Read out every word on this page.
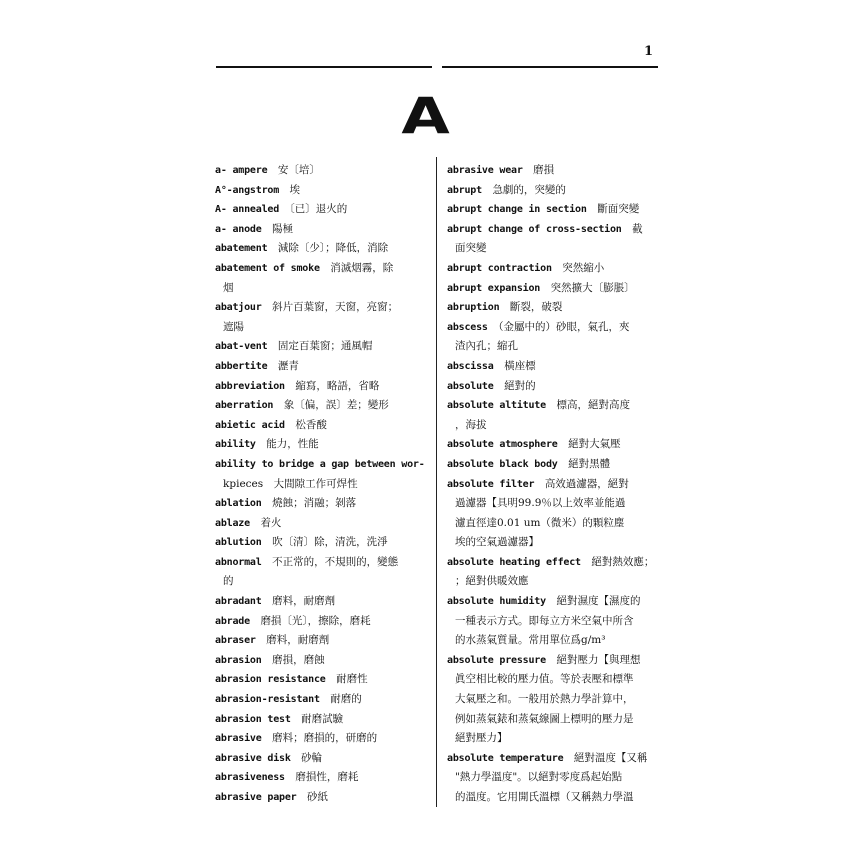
1
A
a- ampere　 安〔培〕
A°-angstrom　 埃
A- annealed　 〔已〕退火的
a- anode　 陽極
abatement　 減除〔少〕；降低，消除
abatement of smoke　 消滅烟霧，除
烟
abatjour　 斜片百葉窗，天窗，亮窗；
遮陽
abat-vent　 固定百葉窗；通風帽
abbertite　 瀝青
abbreviation　 縮寫，略語，省略
aberration　 象〔偏，誤〕差；變形
abietic acid　 松香酸
ability　 能力，性能
ability to bridge a gap between wor-
kpieces　大間隙工作可焊性
ablation　 燒蝕；消融；剝落
ablaze　 着火
ablution　 吹〔清〕除，清洗，洗淨
abnormal　 不正常的，不規則的，變態
的
abradant　 磨料，耐磨劑
abrade　 磨損〔光〕，擦除，磨耗
abraser　 磨料，耐磨劑
abrasion　 磨損，磨蝕
abrasion resistance　 耐磨性
abrasion-resistant　 耐磨的
abrasion test　 耐磨試驗
abrasive　 磨料；磨損的，研磨的
abrasive disk　 砂輪
abrasiveness　 磨損性，磨耗
abrasive paper　 砂紙
abrasive wear　 磨損
abrupt　 急劇的，突變的
abrupt change in section　 斷面突變
abrupt change of cross-section　 截
面突變
abrupt contraction　 突然縮小
abrupt expansion　 突然擴大〔膨脹〕
abruption　 斷裂，破裂
abscess　 （金屬中的）砂眼，氣孔，夾
渣內孔；縮孔
abscissa　 橫座標
absolute　 絕對的
absolute altitute　 標高，絕對高度
，海拔
absolute atmosphere　 絕對大氣壓
absolute black body　 絕對黑體
absolute filter　 高效過濾器，絕對
過濾器【具明99.9％以上效率並能過
濾直徑達0.01 um（微米）的顆粒塵
埃的空氣過濾器】
absolute heating effect　 絕對熱效應；
；絕對供暖效應
absolute humidity　 絕對濕度【濕度的
一種表示方式。即每立方米空氣中所含
的水蒸氣質量。常用單位爲g/m³
absolute pressure　 絕對壓力【與理想
眞空相比較的壓力值。等於表壓和標準
大氣壓之和。一般用於熱力學計算中，
例如蒸氣錶和蒸氣線圖上標明的壓力是
絕對壓力】
absolute temperature　 絕對溫度【又稱
"熱力學溫度"。以絕對零度爲起始點
的溫度。它用開氏溫標（又稱熱力學溫
